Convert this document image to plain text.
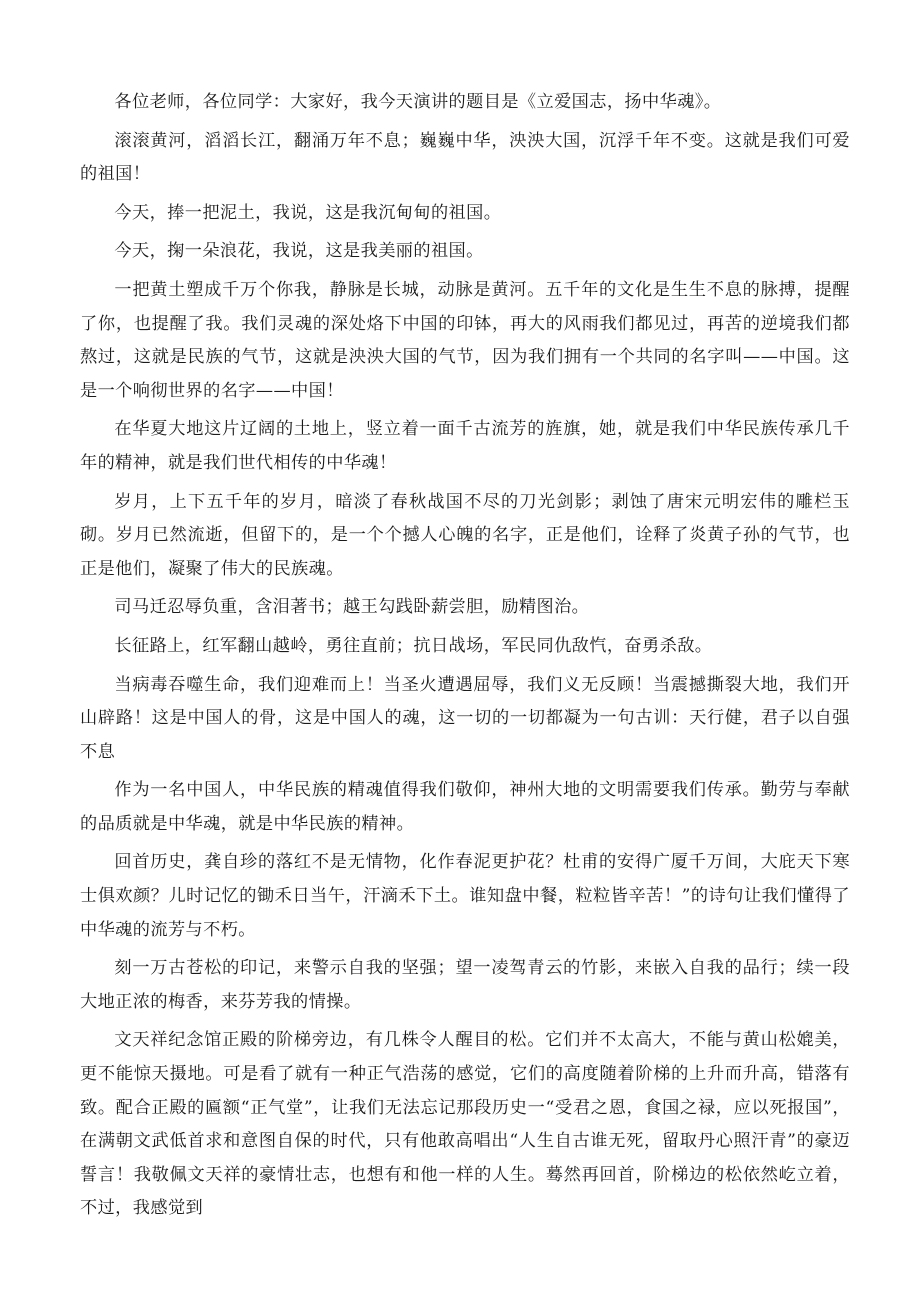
各位老师，各位同学：大家好，我今天演讲的题目是《立爱国志，扬中华魂》。

滚滚黄河，滔滔长江，翻涌万年不息；巍巍中华，泱泱大国，沉浮千年不变。这就是我们可爱的祖国！

今天，捧一把泥土，我说，这是我沉甸甸的祖国。

今天，掬一朵浪花，我说，这是我美丽的祖国。

一把黄土塑成千万个你我，静脉是长城，动脉是黄河。五千年的文化是生生不息的脉搏，提醒了你，也提醒了我。我们灵魂的深处烙下中国的印钵，再大的风雨我们都见过，再苦的逆境我们都熬过，这就是民族的气节，这就是泱泱大国的气节，因为我们拥有一个共同的名字叫——中国。这是一个响彻世界的名字——中国！

在华夏大地这片辽阔的土地上，竖立着一面千古流芳的旌旗，她，就是我们中华民族传承几千年的精神，就是我们世代相传的中华魂！

岁月，上下五千年的岁月，暗淡了春秋战国不尽的刀光剑影；剥蚀了唐宋元明宏伟的雕栏玉砌。岁月已然流逝，但留下的，是一个个撼人心魄的名字，正是他们，诠释了炎黄子孙的气节，也正是他们，凝聚了伟大的民族魂。

司马迁忍辱负重，含泪著书；越王勾践卧薪尝胆，励精图治。

长征路上，红军翻山越岭，勇往直前；抗日战场，军民同仇敌忾，奋勇杀敌。

当病毒吞噬生命，我们迎难而上！当圣火遭遇屈辱，我们义无反顾！当震撼撕裂大地，我们开山辟路！这是中国人的骨，这是中国人的魂，这一切的一切都凝为一句古训：天行健，君子以自强不息

作为一名中国人，中华民族的精魂值得我们敬仰，神州大地的文明需要我们传承。勤劳与奉献的品质就是中华魂，就是中华民族的精神。

回首历史，龚自珍的落红不是无情物，化作春泥更护花？杜甫的安得广厦千万间，大庇天下寒士俱欢颜？儿时记忆的锄禾日当午，汗滴禾下土。谁知盘中餐，粒粒皆辛苦！”的诗句让我们懂得了中华魂的流芳与不朽。

刻一万古苍松的印记，来警示自我的坚强；望一凌驾青云的竹影，来嵌入自我的品行；续一段大地正浓的梅香，来芬芳我的情操。

文天祥纪念馆正殿的阶梯旁边，有几株令人醒目的松。它们并不太高大，不能与黄山松媲美，更不能惊天摄地。可是看了就有一种正气浩荡的感觉，它们的高度随着阶梯的上升而升高，错落有致。配合正殿的匾额“正气堂”，让我们无法忘记那段历史一“受君之恩，食国之禄，应以死报国”，在满朝文武低首求和意图自保的时代，只有他敢高唱出“人生自古谁无死，留取丹心照汗青”的豪迈誓言！我敬佩文天祥的豪情壮志，也想有和他一样的人生。蓦然再回首，阶梯边的松依然屹立着，不过，我感觉到
